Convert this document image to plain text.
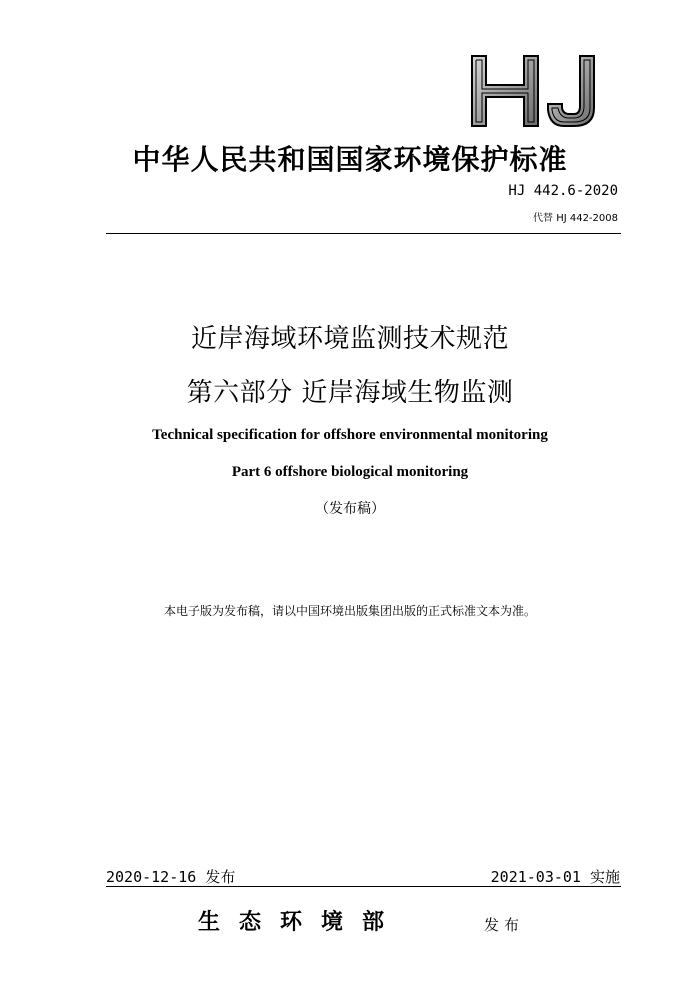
中华人民共和国国家环境保护标准
HJ 442.6-2020
代替 HJ 442-2008
近岸海域环境监测技术规范
第六部分 近岸海域生物监测
Technical specification for offshore environmental monitoring
Part 6 offshore biological monitoring
（发布稿）
本电子版为发布稿，请以中国环境出版集团出版的正式标准文本为准。
2020-12-16 发布	2021-03-01 实施
生态环境部	发布
